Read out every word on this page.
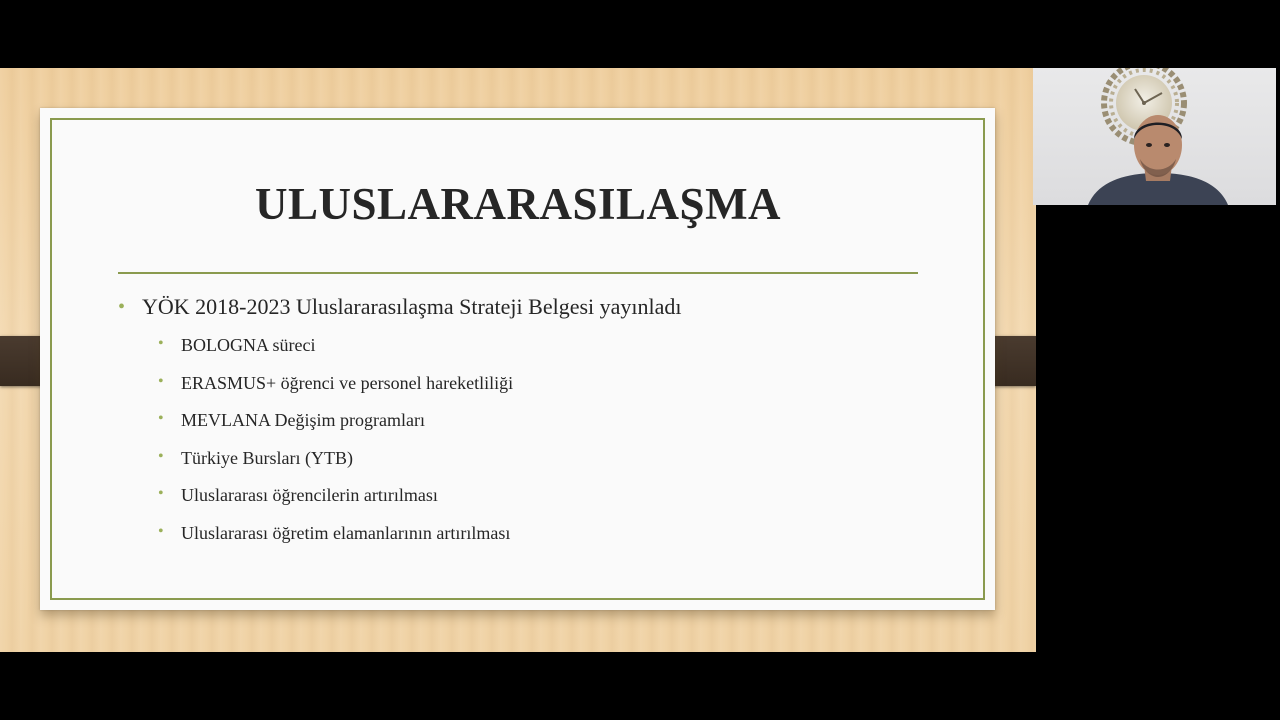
ULUSLARARASILAŞMA
• YÖK 2018-2023 Uluslararasılaşma Strateji Belgesi yayınladı
• BOLOGNA süreci
• ERASMUS+ öğrenci ve personel hareketliliği
• MEVLANA Değişim programları
• Türkiye Bursları (YTB)
• Uluslararası öğrencilerin artırılması
• Uluslararası öğretim elamanlarının artırılması
